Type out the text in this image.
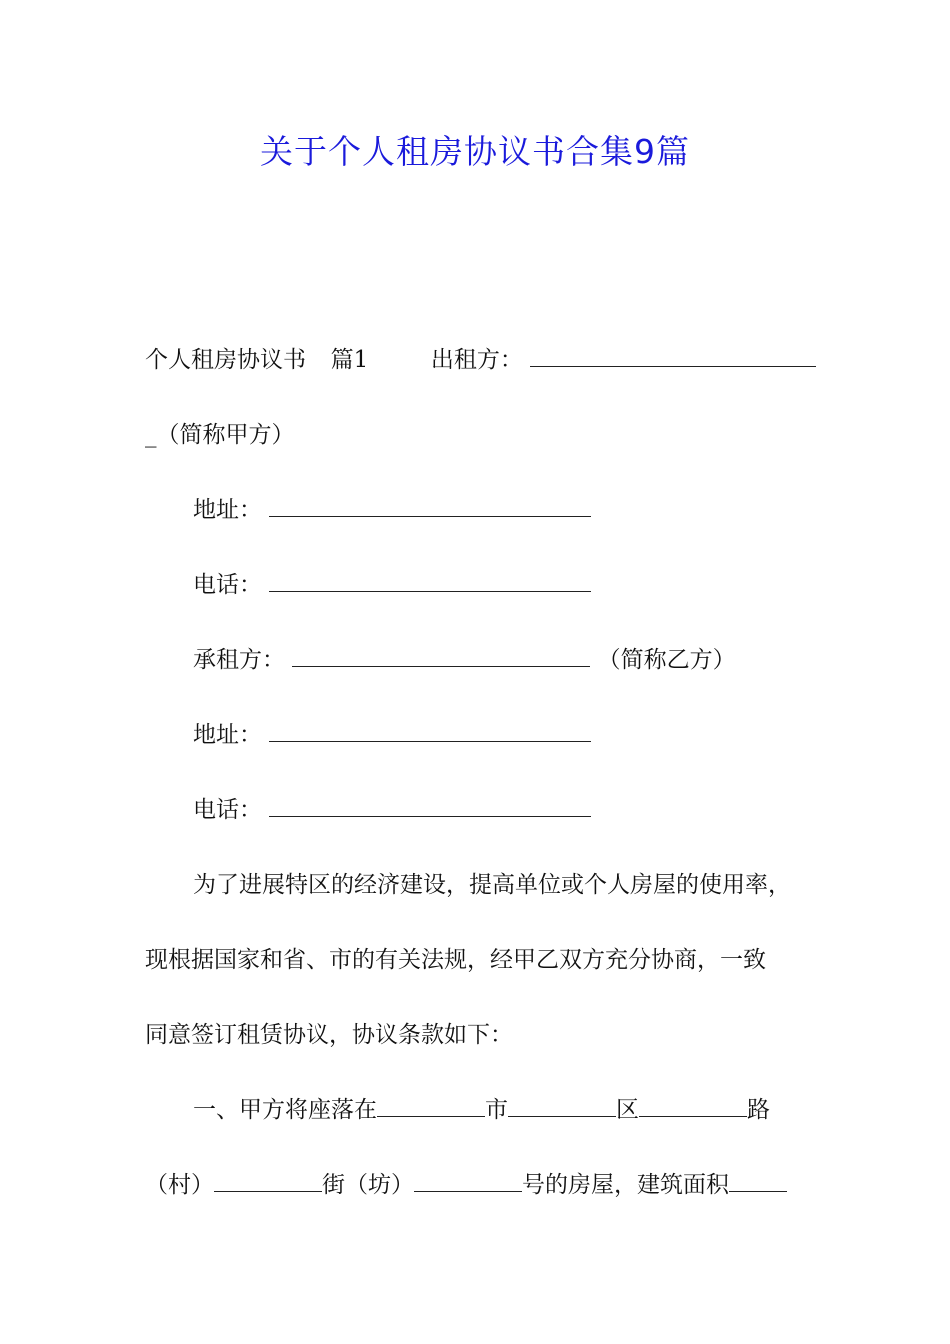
关于个人租房协议书合集9篇
个人租房协议书 篇1	出租方：
_（简称甲方）
地址：
电话：
承租方：	（简称乙方）
地址：
电话：
为了进展特区的经济建设，提高单位或个人房屋的使用率，
现根据国家和省、市的有关法规，经甲乙双方充分协商，一致
同意签订租赁协议，协议条款如下：
一、甲方将座落在	市	区	路
（村）	街（坊）	号的房屋，建筑面积
